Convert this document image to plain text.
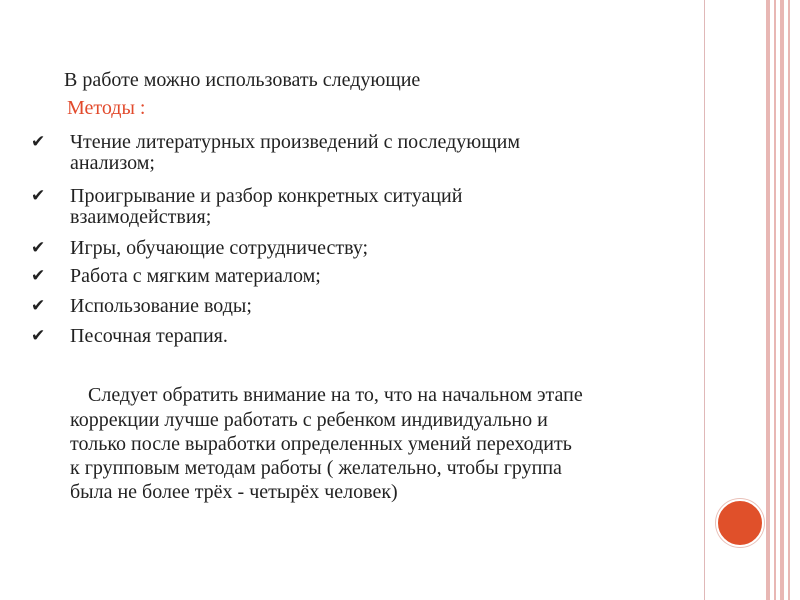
В работе можно использовать следующие
Методы :
✔ Чтение литературных произведений с последующим
анализом;
✔ Проигрывание и разбор конкретных ситуаций
взаимодействия;
✔ Игры, обучающие сотрудничеству;
✔ Работа с мягким материалом;
✔ Использование воды;
✔ Песочная терапия.
Следует обратить внимание на то, что на начальном этапе
коррекции лучше работать с ребенком индивидуально и
только после выработки определенных умений переходить
к групповым методам работы ( желательно, чтобы группа
была не более трёх - четырёх человек)
